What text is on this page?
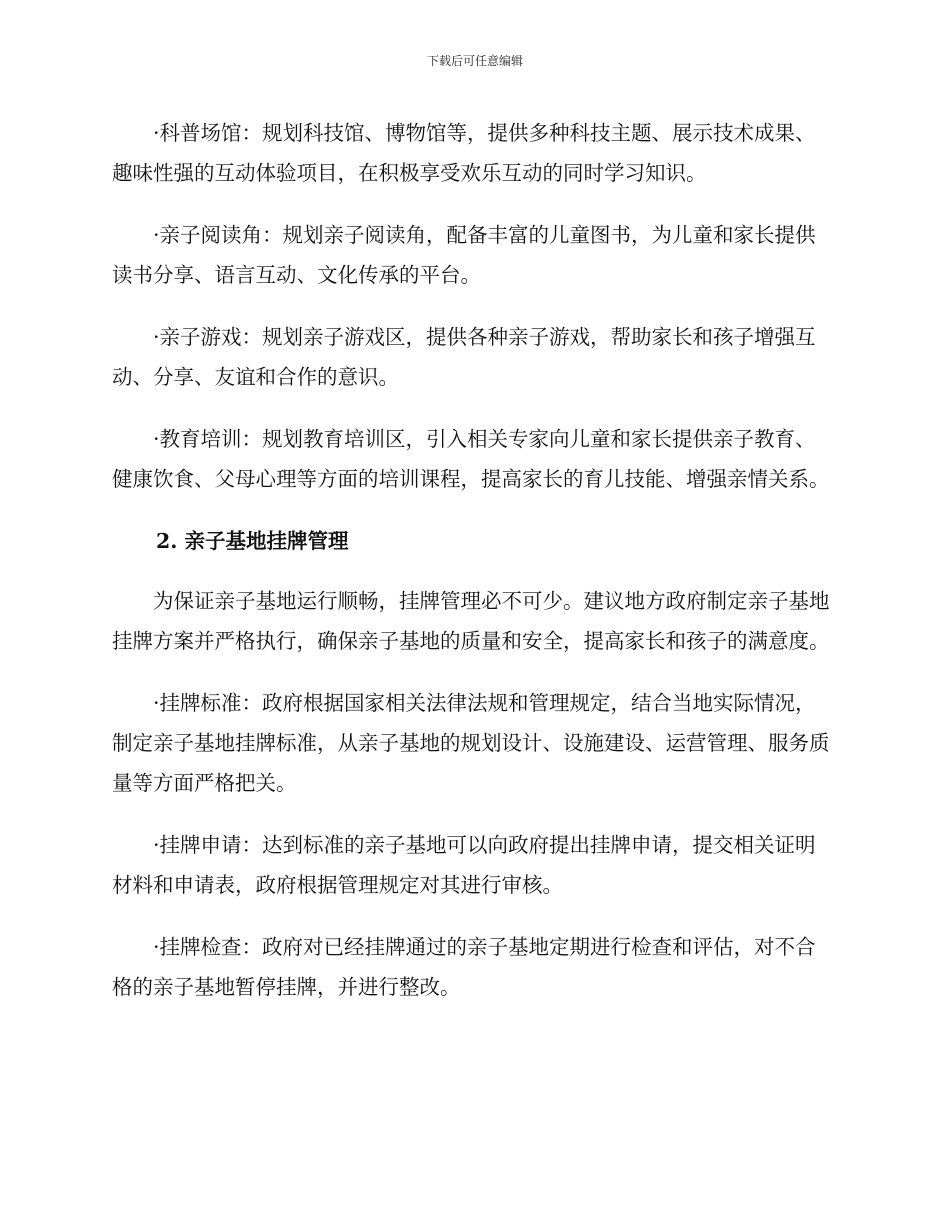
下载后可任意编辑

·科普场馆：规划科技馆、博物馆等，提供多种科技主题、展示技术成果、趣味性强的互动体验项目，在积极享受欢乐互动的同时学习知识。

·亲子阅读角：规划亲子阅读角，配备丰富的儿童图书，为儿童和家长提供读书分享、语言互动、文化传承的平台。

·亲子游戏：规划亲子游戏区，提供各种亲子游戏，帮助家长和孩子增强互动、分享、友谊和合作的意识。

·教育培训：规划教育培训区，引入相关专家向儿童和家长提供亲子教育、健康饮食、父母心理等方面的培训课程，提高家长的育儿技能、增强亲情关系。

2. 亲子基地挂牌管理

为保证亲子基地运行顺畅，挂牌管理必不可少。建议地方政府制定亲子基地挂牌方案并严格执行，确保亲子基地的质量和安全，提高家长和孩子的满意度。

·挂牌标准：政府根据国家相关法律法规和管理规定，结合当地实际情况，制定亲子基地挂牌标准，从亲子基地的规划设计、设施建设、运营管理、服务质量等方面严格把关。

·挂牌申请：达到标准的亲子基地可以向政府提出挂牌申请，提交相关证明材料和申请表，政府根据管理规定对其进行审核。

·挂牌检查：政府对已经挂牌通过的亲子基地定期进行检查和评估，对不合格的亲子基地暂停挂牌，并进行整改。
